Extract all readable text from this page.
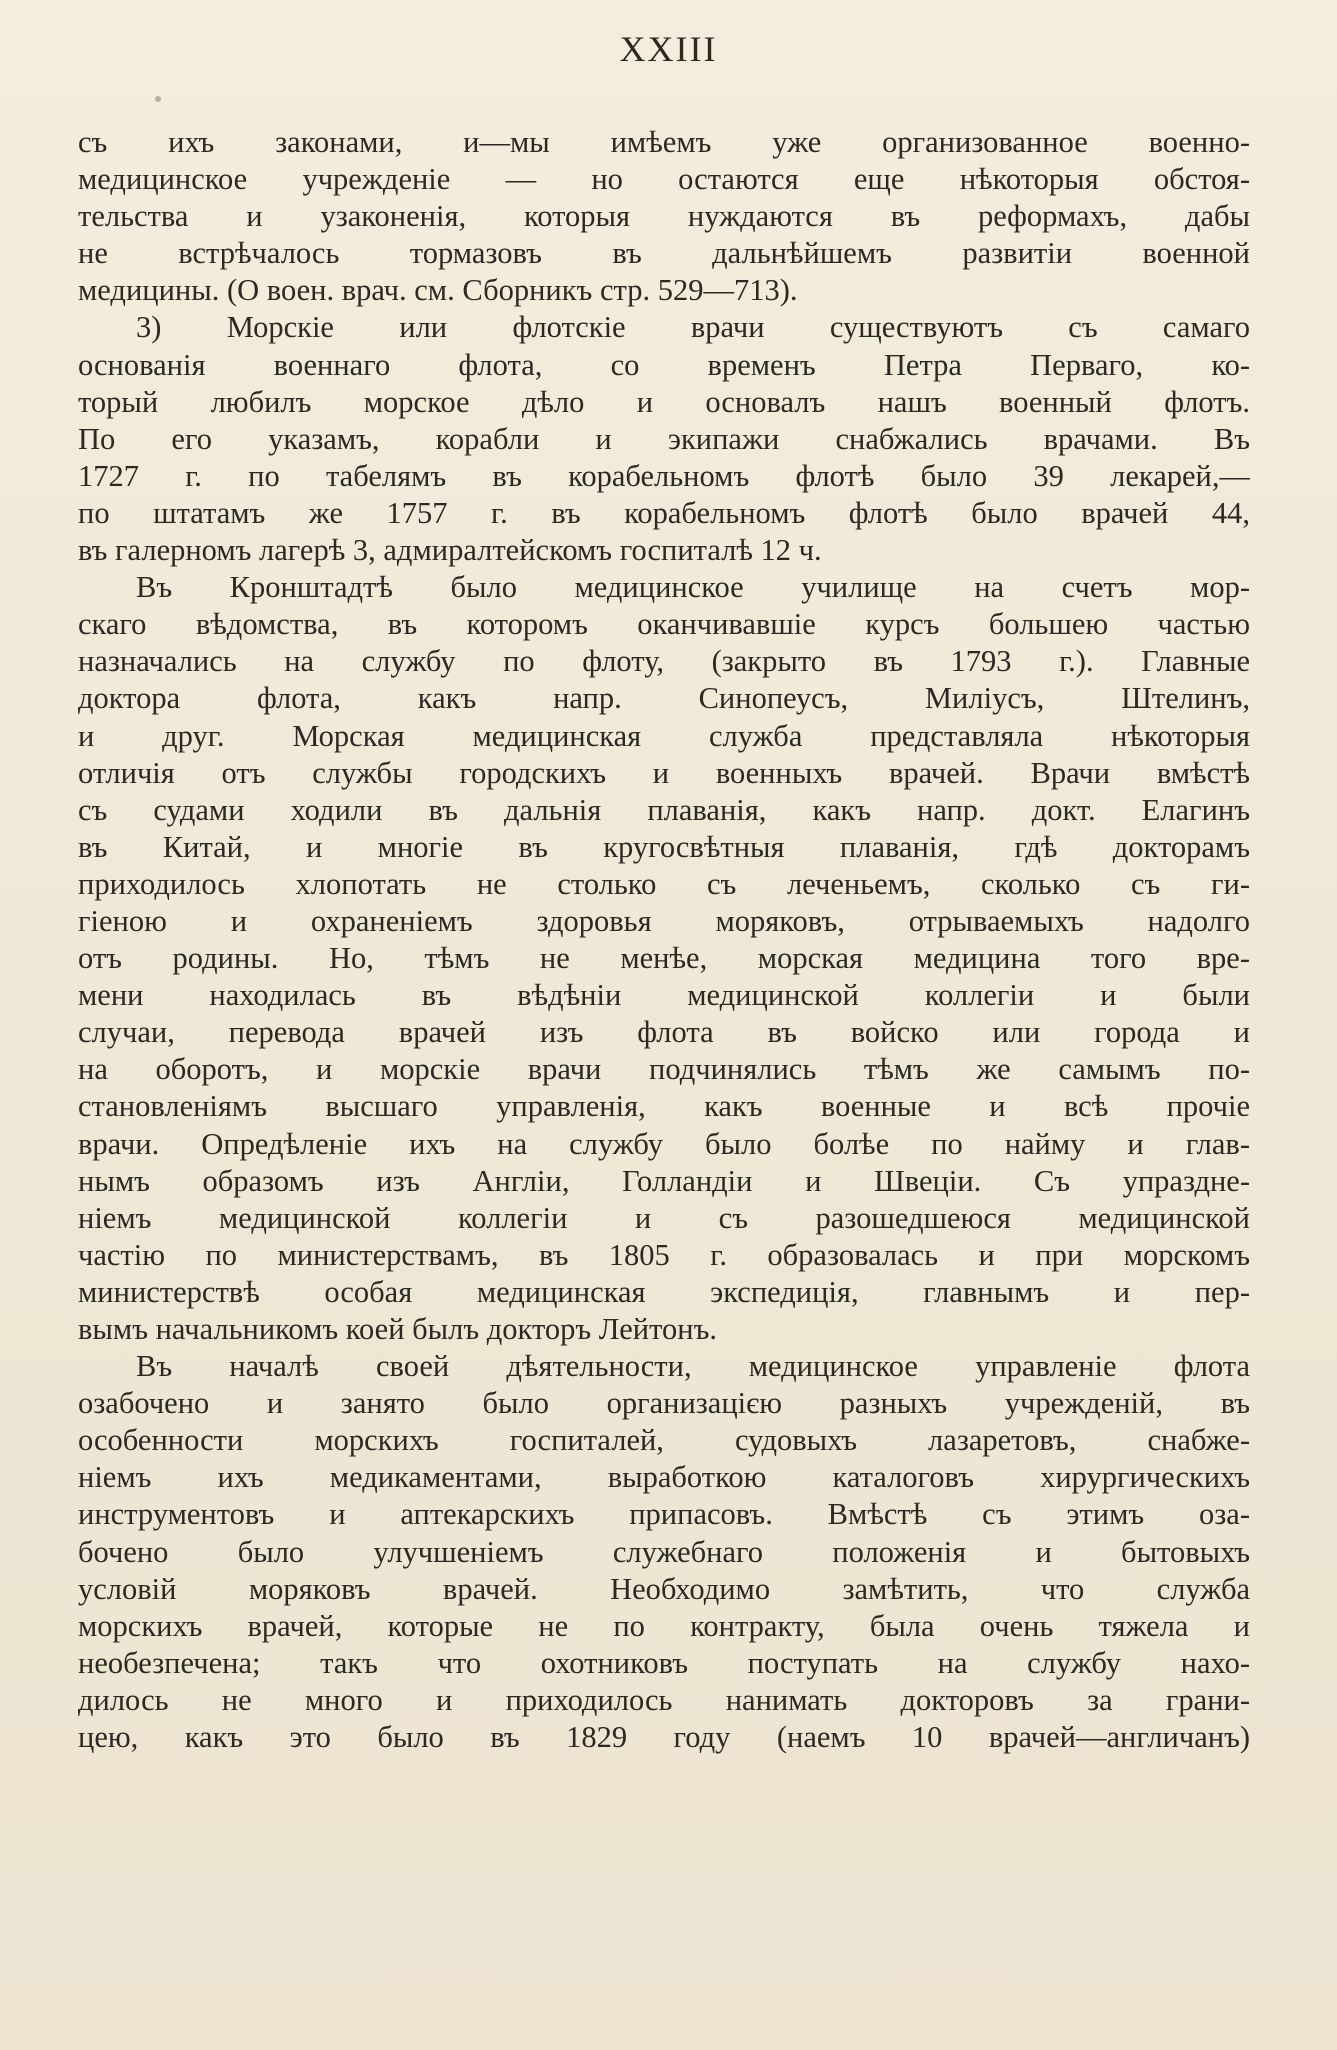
XXIII
съ ихъ законами, и—мы имѣемъ уже организованное военно-
медицинское учрежденіе — но остаются еще нѣкоторыя обстоя-
тельства и узаконенія, которыя нуждаются въ реформахъ, дабы
не встрѣчалось тормазовъ въ дальнѣйшемъ развитіи военной
медицины. (О воен. врач. см. Сборникъ стр. 529—713).
3) Морскіе или флотскіе врачи существуютъ съ самаго
основанія военнаго флота, со временъ Петра Перваго, ко-
торый любилъ морское дѣло и основалъ нашъ военный флотъ.
По его указамъ, корабли и экипажи снабжались врачами. Въ
1727 г. по табелямъ въ корабельномъ флотѣ было 39 лекарей,—
по штатамъ же 1757 г. въ корабельномъ флотѣ было врачей 44,
въ галерномъ лагерѣ 3, адмиралтейскомъ госпиталѣ 12 ч.
Въ Кронштадтѣ было медицинское училище на счетъ мор-
скаго вѣдомства, въ которомъ оканчивавшіе курсъ большею частью
назначались на службу по флоту, (закрыто въ 1793 г.). Главные
доктора флота, какъ напр. Синопеусъ, Миліусъ, Штелинъ,
и друг. Морская медицинская служба представляла нѣкоторыя
отличія отъ службы городскихъ и военныхъ врачей. Врачи вмѣстѣ
съ судами ходили въ дальнія плаванія, какъ напр. докт. Елагинъ
въ Китай, и многіе въ кругосвѣтныя плаванія, гдѣ докторамъ
приходилось хлопотать не столько съ леченьемъ, сколько съ ги-
гіеною и охраненіемъ здоровья моряковъ, отрываемыхъ надолго
отъ родины. Но, тѣмъ не менѣе, морская медицина того вре-
мени находилась въ вѣдѣніи медицинской коллегіи и были
случаи, перевода врачей изъ флота въ войско или города и
на оборотъ, и морскіе врачи подчинялись тѣмъ же самымъ по-
становленіямъ высшаго управленія, какъ военные и всѣ прочіе
врачи. Опредѣленіе ихъ на службу было болѣе по найму и глав-
нымъ образомъ изъ Англіи, Голландіи и Швеціи. Съ упраздне-
ніемъ медицинской коллегіи и съ разошедшеюся медицинской
частію по министерствамъ, въ 1805 г. образовалась и при морскомъ
министерствѣ особая медицинская экспедиція, главнымъ и пер-
вымъ начальникомъ коей былъ докторъ Лейтонъ.
Въ началѣ своей дѣятельности, медицинское управленіе флота
озабочено и занято было организацією разныхъ учрежденій, въ
особенности морскихъ госпиталей, судовыхъ лазаретовъ, снабже-
ніемъ ихъ медикаментами, выработкою каталоговъ хирургическихъ
инструментовъ и аптекарскихъ припасовъ. Вмѣстѣ съ этимъ оза-
бочено было улучшеніемъ служебнаго положенія и бытовыхъ
условій моряковъ врачей. Необходимо замѣтить, что служба
морскихъ врачей, которые не по контракту, была очень тяжела и
необезпечена; такъ что охотниковъ поступать на службу нахо-
дилось не много и приходилось нанимать докторовъ за грани-
цею, какъ это было въ 1829 году (наемъ 10 врачей—англичанъ)
